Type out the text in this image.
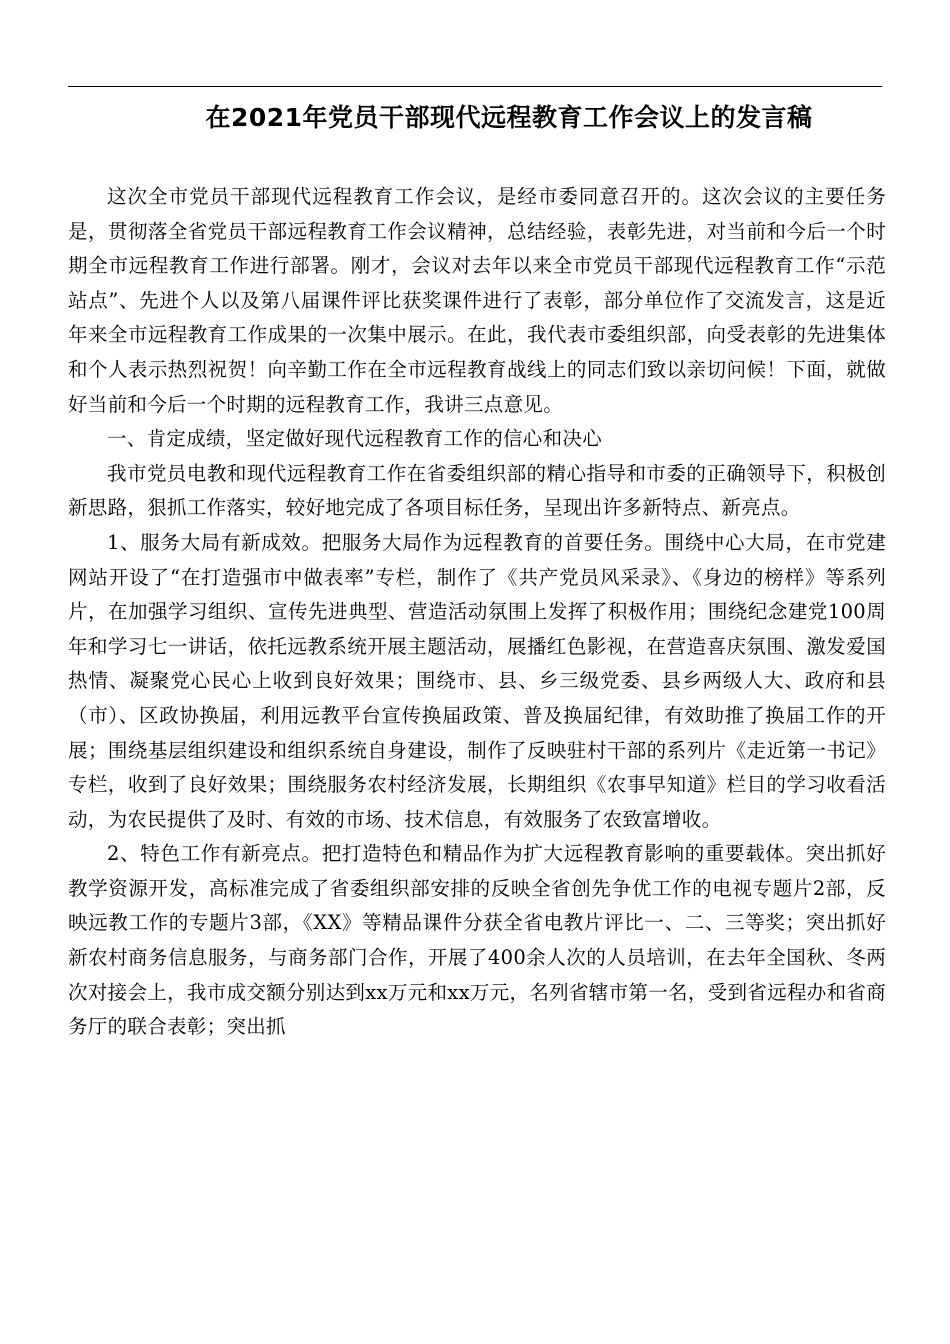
在2021年党员干部现代远程教育工作会议上的发言稿

这次全市党员干部现代远程教育工作会议，是经市委同意召开的。这次会议的主要任务是，贯彻落全省党员干部远程教育工作会议精神，总结经验，表彰先进，对当前和今后一个时期全市远程教育工作进行部署。刚才，会议对去年以来全市党员干部现代远程教育工作“示范站点”、先进个人以及第八届课件评比获奖课件进行了表彰，部分单位作了交流发言，这是近年来全市远程教育工作成果的一次集中展示。在此，我代表市委组织部，向受表彰的先进集体和个人表示热烈祝贺！向辛勤工作在全市远程教育战线上的同志们致以亲切问候！下面，就做好当前和今后一个时期的远程教育工作，我讲三点意见。

一、肯定成绩，坚定做好现代远程教育工作的信心和决心

我市党员电教和现代远程教育工作在省委组织部的精心指导和市委的正确领导下，积极创新思路，狠抓工作落实，较好地完成了各项目标任务，呈现出许多新特点、新亮点。

1、服务大局有新成效。把服务大局作为远程教育的首要任务。围绕中心大局，在市党建网站开设了“在打造强市中做表率”专栏，制作了《共产党员风采录》、《身边的榜样》等系列片，在加强学习组织、宣传先进典型、营造活动氛围上发挥了积极作用；围绕纪念建党100周年和学习七一讲话，依托远教系统开展主题活动，展播红色影视，在营造喜庆氛围、激发爱国热情、凝聚党心民心上收到良好效果；围绕市、县、乡三级党委、县乡两级人大、政府和县（市）、区政协换届，利用远教平台宣传换届政策、普及换届纪律，有效助推了换届工作的开展；围绕基层组织建设和组织系统自身建设，制作了反映驻村干部的系列片《走近第一书记》专栏，收到了良好效果；围绕服务农村经济发展，长期组织《农事早知道》栏目的学习收看活动，为农民提供了及时、有效的市场、技术信息，有效服务了农致富增收。

2、特色工作有新亮点。把打造特色和精品作为扩大远程教育影响的重要载体。突出抓好教学资源开发，高标准完成了省委组织部安排的反映全省创先争优工作的电视专题片2部，反映远教工作的专题片3部，《XX》等精品课件分获全省电教片评比一、二、三等奖；突出抓好新农村商务信息服务，与商务部门合作，开展了400余人次的人员培训，在去年全国秋、冬两次对接会上，我市成交额分别达到xx万元和xx万元，名列省辖市第一名，受到省远程办和省商务厅的联合表彰；突出抓
